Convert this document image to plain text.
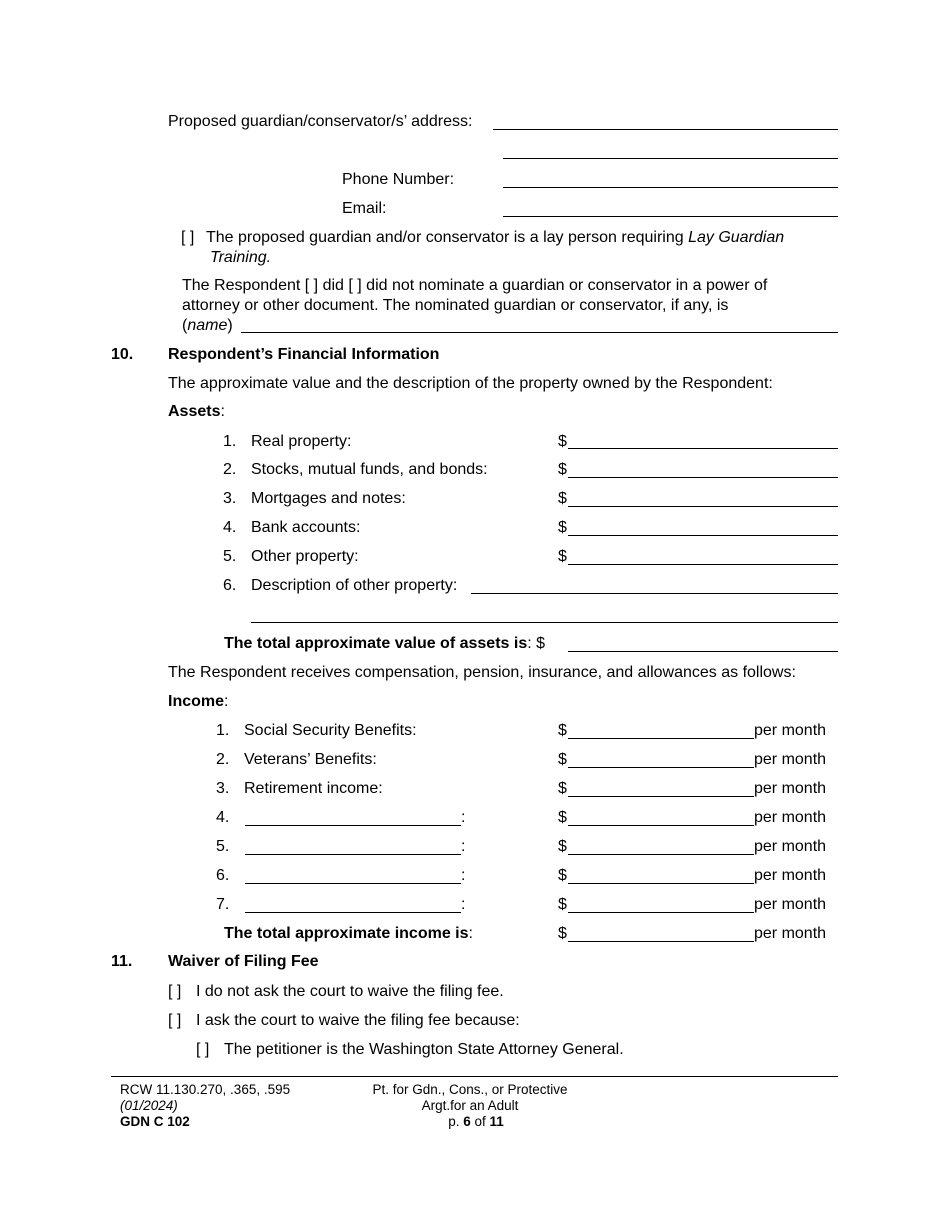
Proposed guardian/conservator/s’ address:
Phone Number:
Email:
[ ] The proposed guardian and/or conservator is a lay person requiring Lay Guardian
Training.
The Respondent [ ] did [ ] did not nominate a guardian or conservator in a power of
attorney or other document. The nominated guardian or conservator, if any, is
(name)
10. Respondent’s Financial Information
The approximate value and the description of the property owned by the Respondent:
Assets:
1. Real property:	$
2. Stocks, mutual funds, and bonds:	$
3. Mortgages and notes:	$
4. Bank accounts:	$
5. Other property:	$
6. Description of other property:
The total approximate value of assets is: $
The Respondent receives compensation, pension, insurance, and allowances as follows:
Income:
1. Social Security Benefits:	$	per month
2. Veterans’ Benefits:	$	per month
3. Retirement income:	$	per month
4.	:	$	per month
5.	:	$	per month
6.	:	$	per month
7.	:	$	per month
The total approximate income is:	$	per month
11. Waiver of Filing Fee
[ ] I do not ask the court to waive the filing fee.
[ ] I ask the court to waive the filing fee because:
[ ] The petitioner is the Washington State Attorney General.
RCW 11.130.270, .365, .595
(01/2024)
GDN C 102
Pt. for Gdn., Cons., or Protective
Argt.for an Adult
p. 6 of 11
